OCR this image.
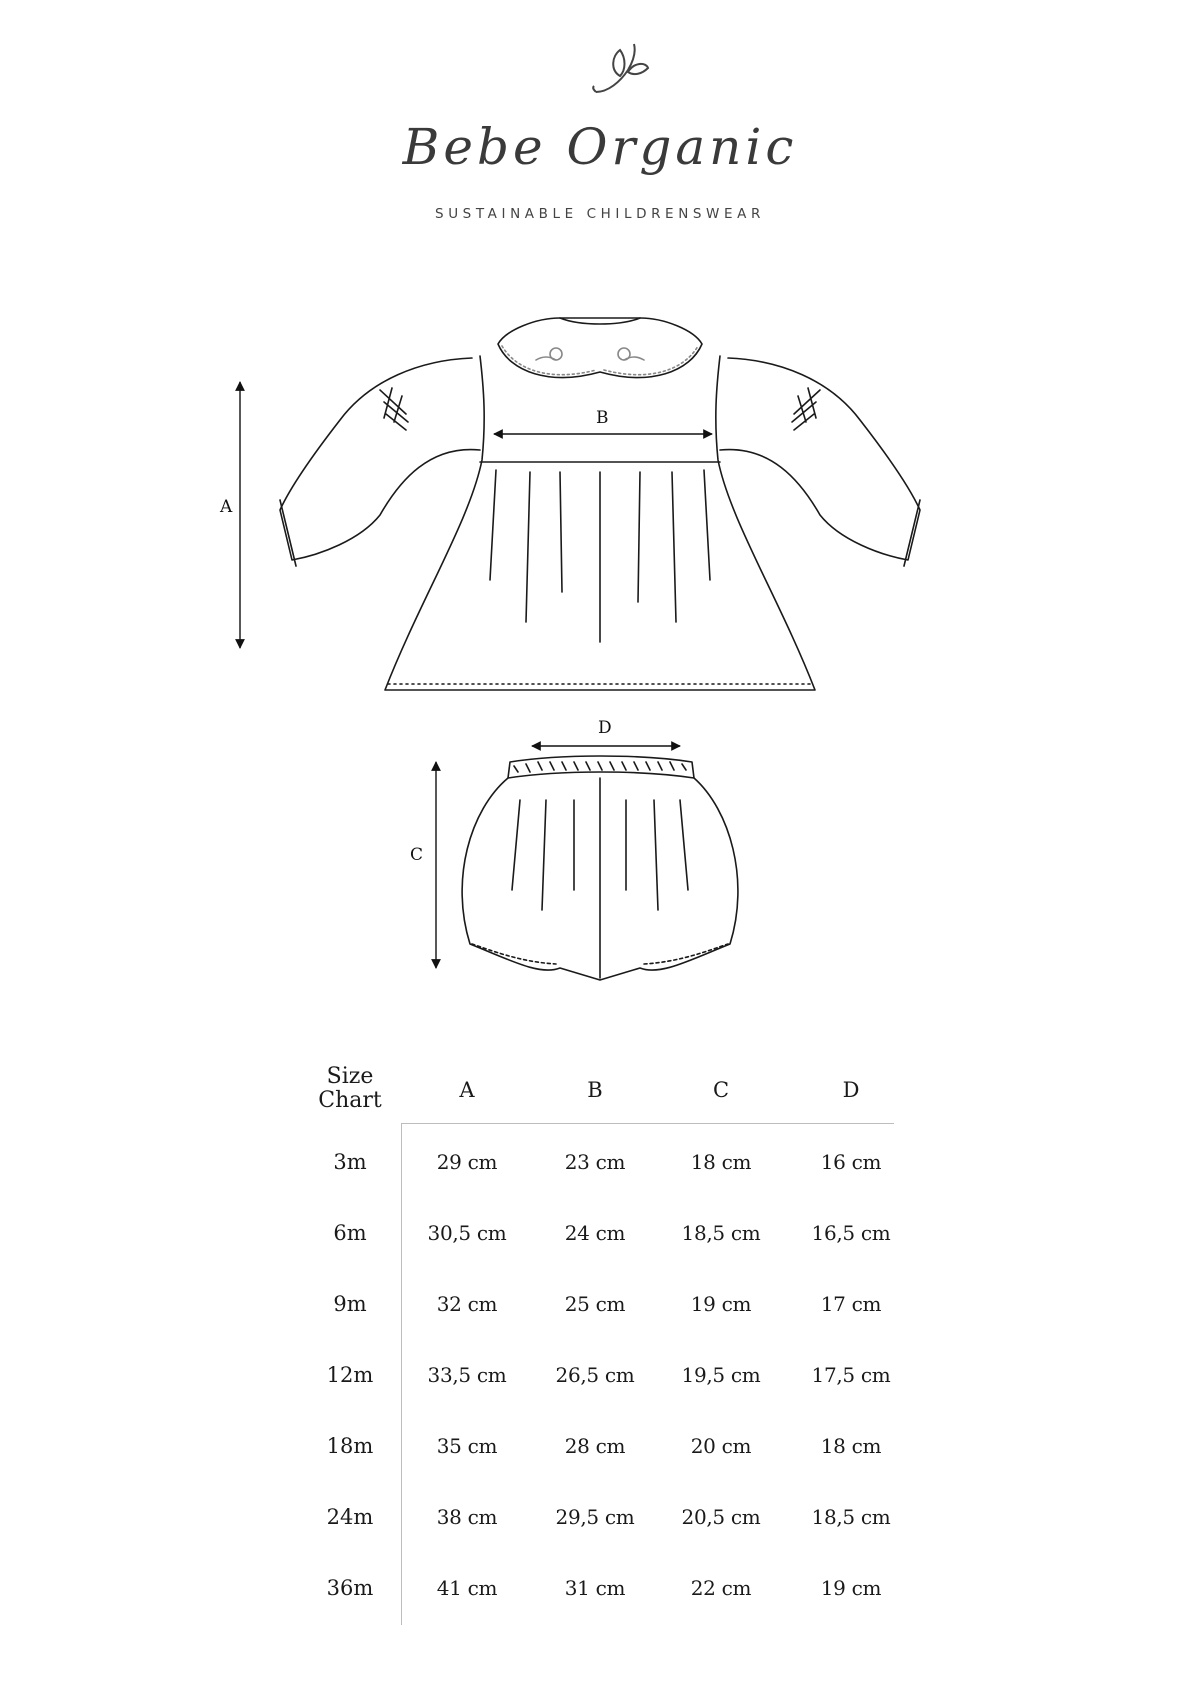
Bebe Organic
SUSTAINABLE CHILDRENSWEAR
A
B
C
D
Size
Chart	A	B	C	D
3m	29 cm	23 cm	18 cm	16 cm
6m	30,5 cm	24 cm	18,5 cm	16,5 cm
9m	32 cm	25 cm	19 cm	17 cm
12m	33,5 cm	26,5 cm	19,5 cm	17,5 cm
18m	35 cm	28 cm	20 cm	18 cm
24m	38 cm	29,5 cm	20,5 cm	18,5 cm
36m	41 cm	31 cm	22 cm	19 cm
